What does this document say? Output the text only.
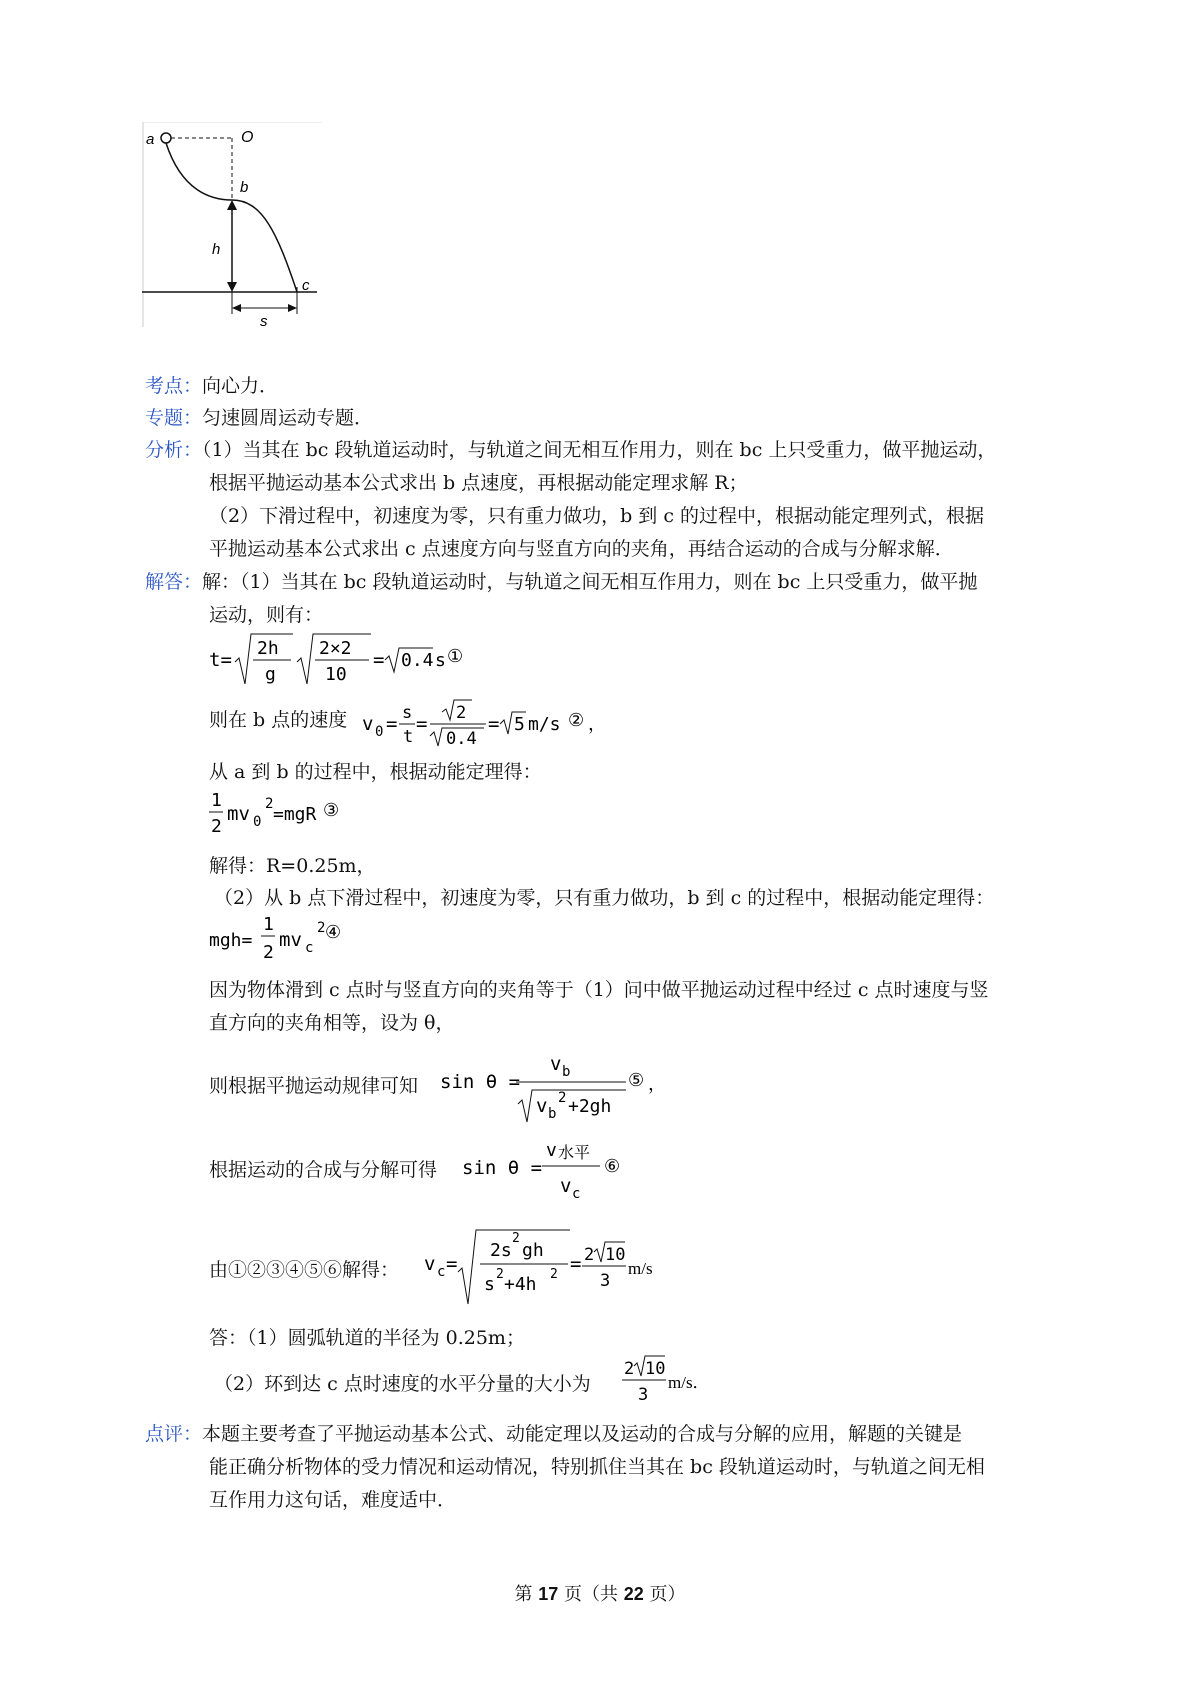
a	O
b
c
h
s
考点：向心力．
专题：匀速圆周运动专题．
分析：（1）当其在 bc 段轨道运动时，与轨道之间无相互作用力，则在 bc 上只受重力，做平抛运动，
根据平抛运动基本公式求出 b 点速度，再根据动能定理求解 R；
（2）下滑过程中，初速度为零，只有重力做功，b 到 c 的过程中，根据动能定理列式，根据
平抛运动基本公式求出 c 点速度方向与竖直方向的夹角，再结合运动的合成与分解求解．
解答：解：（1）当其在 bc 段轨道运动时，与轨道之间无相互作用力，则在 bc 上只受重力，做平抛
运动，则有：
t=
2h
g
2×2
10
= 0.4 s ①
则在 b 点的速度 v 0 = s
t
= 2
0.4
= 5 m/s ② ，
从 a 到 b 的过程中，根据动能定理得：
1
2
mv 0
2 =mgR ③
解得：R=0.25m，
（2）从 b 点下滑过程中，初速度为零，只有重力做功，b 到 c 的过程中，根据动能定理得：
mgh=
1
2
mv c
2 ④
因为物体滑到 c 点时与竖直方向的夹角等于（1）问中做平抛运动过程中经过 c 点时速度与竖
直方向的夹角相等，设为 θ，
则根据平抛运动规律可知 sin θ =
v b
v b
2 +2gh
⑤ ，
根据运动的合成与分解可得 sin θ =
v 水平
v c
⑥
由①②③④⑤⑥解得： v c =
2s
2
gh
s 2 +4h 2 = 2 10
3
m/s
答：（1）圆弧轨道的半径为 0.25m；
（2）环到达 c 点时速度的水平分量的大小为
2 10
3
m/s．
点评：本题主要考查了平抛运动基本公式、动能定理以及运动的合成与分解的应用，解题的关键是
能正确分析物体的受力情况和运动情况，特别抓住当其在 bc 段轨道运动时，与轨道之间无相
互作用力这句话，难度适中．
第 17 页（共 22 页）
